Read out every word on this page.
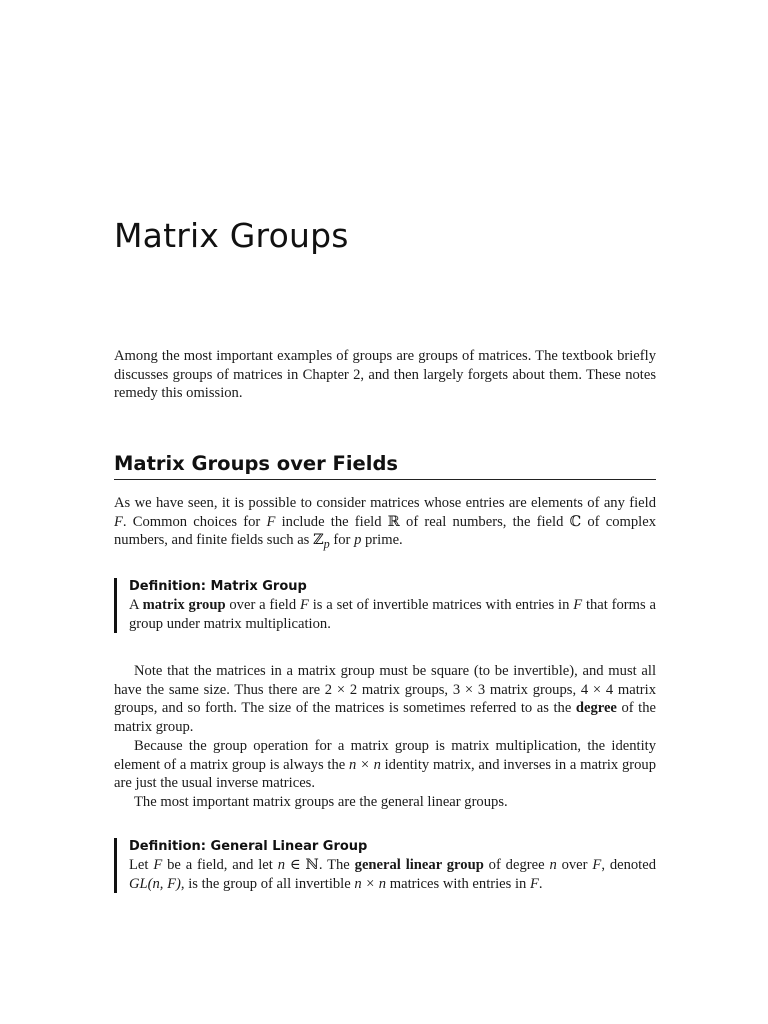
Matrix Groups

Among the most important examples of groups are groups of matrices. The textbook briefly discusses groups of matrices in Chapter 2, and then largely forgets about them. These notes remedy this omission.

Matrix Groups over Fields

As we have seen, it is possible to consider matrices whose entries are elements of any field F. Common choices for F include the field ℝ of real numbers, the field ℂ of complex numbers, and finite fields such as ℤ$_p$ for p prime.

Definition: Matrix Group
A matrix group over a field F is a set of invertible matrices with entries in F that forms a group under matrix multiplication.

Note that the matrices in a matrix group must be square (to be invertible), and must all have the same size. Thus there are 2 × 2 matrix groups, 3 × 3 matrix groups, 4 × 4 matrix groups, and so forth. The size of the matrices is sometimes referred to as the degree of the matrix group.

Because the group operation for a matrix group is matrix multiplication, the identity element of a matrix group is always the n × n identity matrix, and inverses in a matrix group are just the usual inverse matrices.

The most important matrix groups are the general linear groups.

Definition: General Linear Group
Let F be a field, and let n ∈ ℕ. The general linear group of degree n over F, denoted GL(n, F), is the group of all invertible n × n matrices with entries in F.
